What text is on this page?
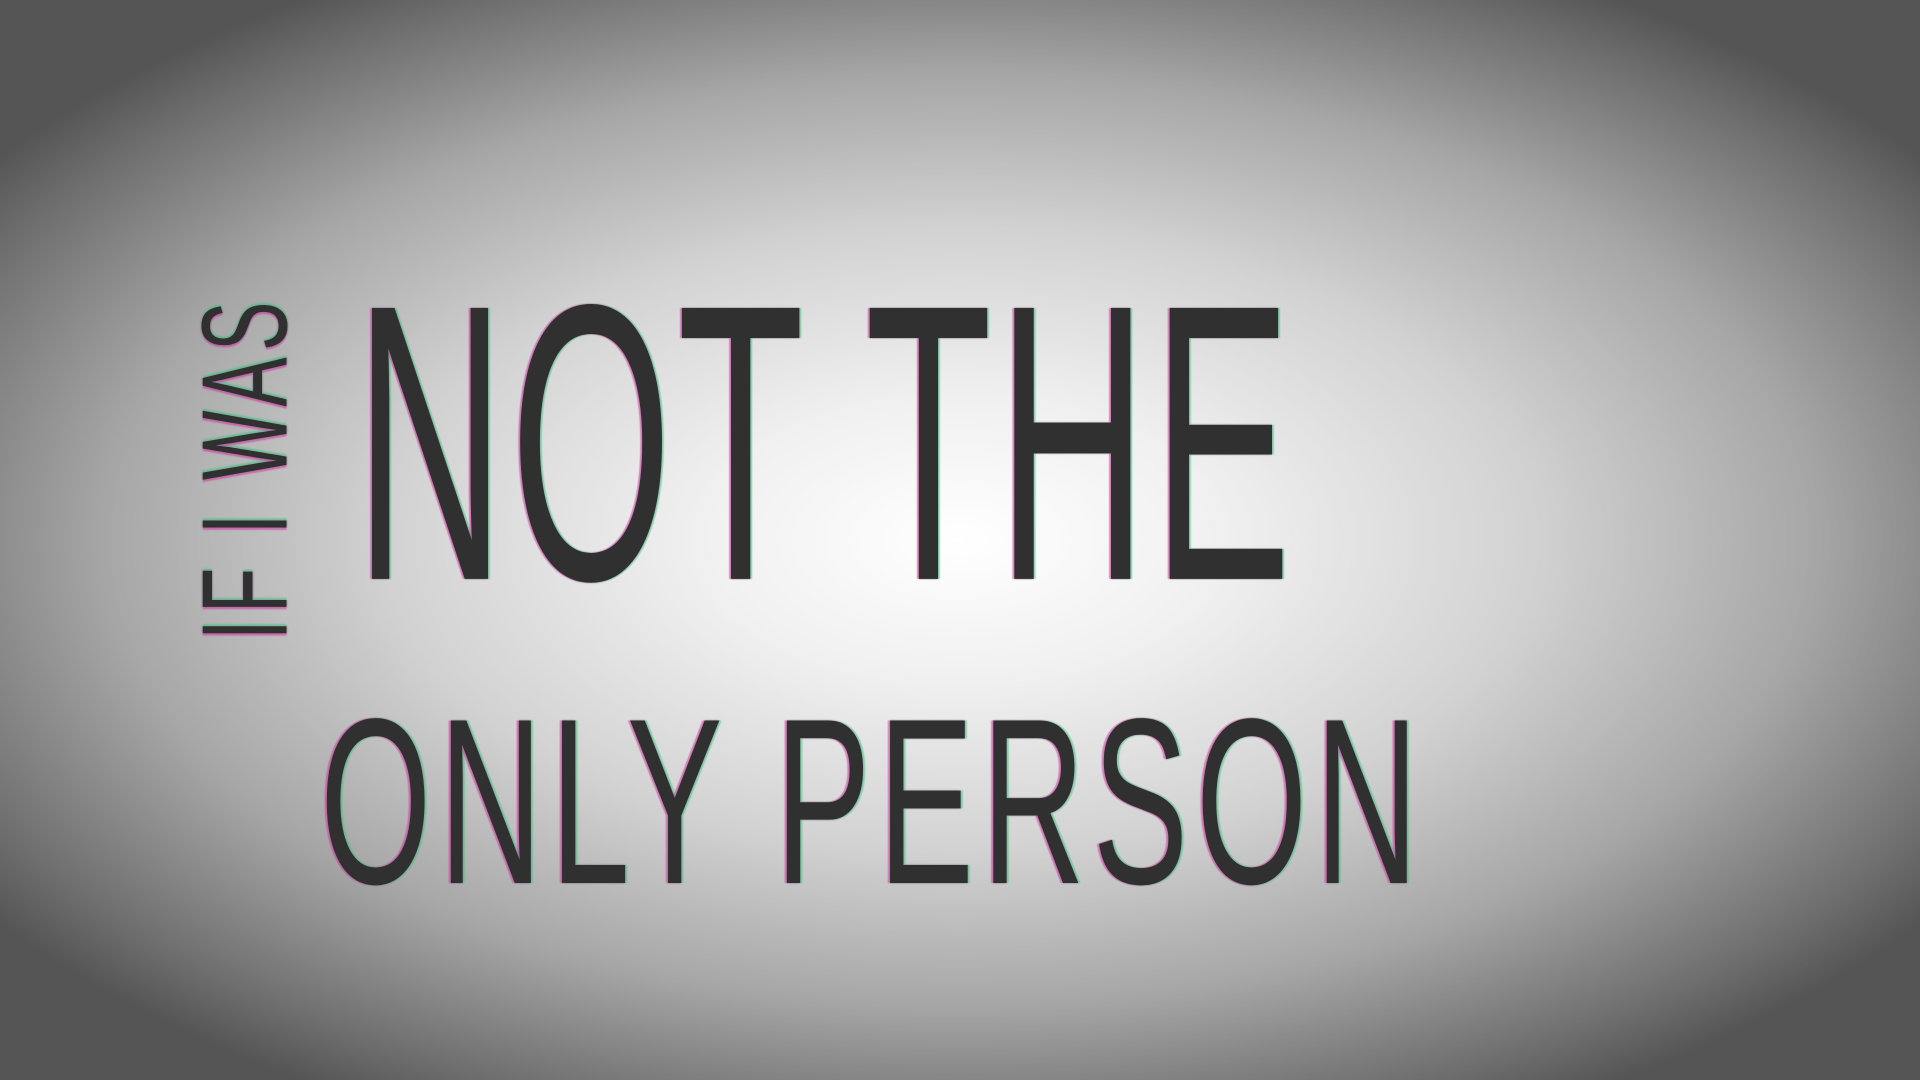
IF I WAS NOT THE
ONLY PERSON
